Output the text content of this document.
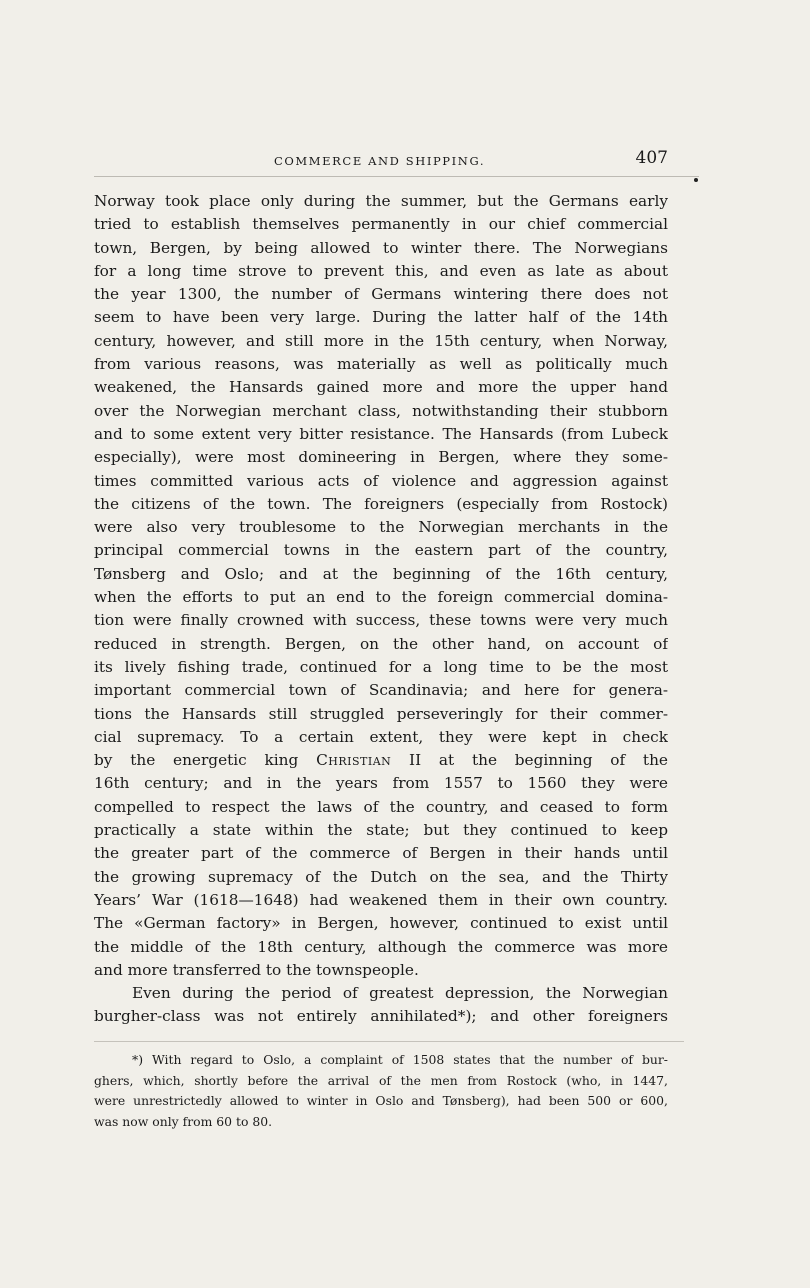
COMMERCE AND SHIPPING.	407
Norway took place only during the summer, but the Germans early
tried to establish themselves permanently in our chief commercial
town, Bergen, by being allowed to winter there. The Norwegians
for a long time strove to prevent this, and even as late as about
the year 1300, the number of Germans wintering there does not
seem to have been very large. During the latter half of the 14th
century, however, and still more in the 15th century, when Norway,
from various reasons, was materially as well as politically much
weakened, the Hansards gained more and more the upper hand
over the Norwegian merchant class, notwithstanding their stubborn
and to some extent very bitter resistance. The Hansards (from Lubeck
especially), were most domineering in Bergen, where they some-
times committed various acts of violence and aggression against
the citizens of the town. The foreigners (especially from Rostock)
were also very troublesome to the Norwegian merchants in the
principal commercial towns in the eastern part of the country,
Tønsberg and Oslo; and at the beginning of the 16th century,
when the efforts to put an end to the foreign commercial domina-
tion were finally crowned with success, these towns were very much
reduced in strength. Bergen, on the other hand, on account of
its lively fishing trade, continued for a long time to be the most
important commercial town of Scandinavia; and here for genera-
tions the Hansards still struggled perseveringly for their commer-
cial supremacy. To a certain extent, they were kept in check
by the energetic king Christian II at the beginning of the
16th century; and in the years from 1557 to 1560 they were
compelled to respect the laws of the country, and ceased to form
practically a state within the state; but they continued to keep
the greater part of the commerce of Bergen in their hands until
the growing supremacy of the Dutch on the sea, and the Thirty
Years’ War (1618—1648) had weakened them in their own country.
The «German factory» in Bergen, however, continued to exist until
the middle of the 18th century, although the commerce was more
and more transferred to the townspeople.
Even during the period of greatest depression, the Norwegian
burgher-class was not entirely annihilated*); and other foreigners
*) With regard to Oslo, a complaint of 1508 states that the number of bur-
ghers, which, shortly before the arrival of the men from Rostock (who, in 1447,
were unrestrictedly allowed to winter in Oslo and Tønsberg), had been 500 or 600,
was now only from 60 to 80.
